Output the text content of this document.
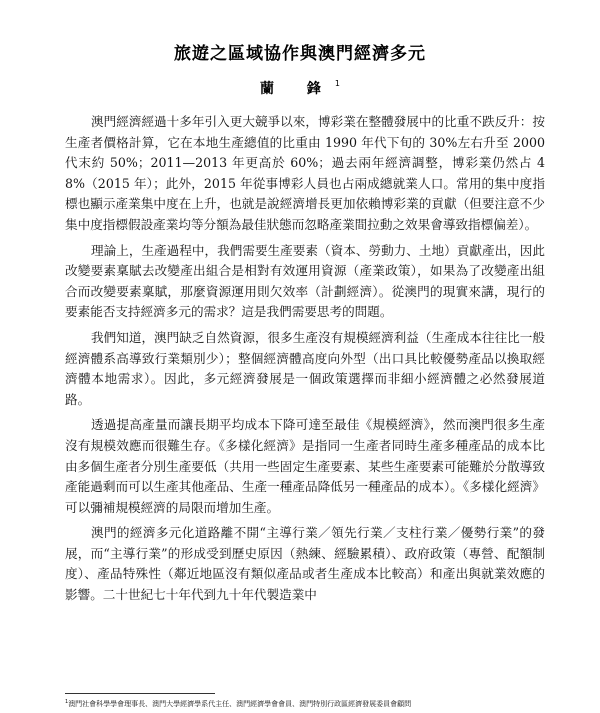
旅遊之區域協作與澳門經濟多元
蘭 鋒$^1$

澳門經濟經過十多年引入更大競爭以來，博彩業在整體發展中的比重不跌反升：按生產者價格計算，它在本地生產總值的比重由 1990 年代下旬的 30%左右升至 2000 代末約 50%；2011—2013 年更高於 60%；過去兩年經濟調整，博彩業仍然占 48%（2015 年）；此外，2015 年從事博彩人員也占兩成總就業人口。常用的集中度指標也顯示產業集中度在上升，也就是說經濟增長更加依賴博彩業的貢獻（但要注意不少集中度指標假設產業均等分額為最佳狀態而忽略產業間拉動之效果會導致指標偏差）。

理論上，生產過程中，我們需要生產要素（資本、勞動力、土地）貢獻產出，因此改變要素稟賦去改變產出組合是相對有效運用資源（產業政策），如果為了改變產出組合而改變要素稟賦，那麼資源運用則欠效率（計劃經濟）。從澳門的現實來講，現行的要素能否支持經濟多元的需求？這是我們需要思考的問題。

我們知道，澳門缺乏自然資源，很多生產沒有規模經濟利益（生產成本往往比一般經濟體系高導致行業類別少）；整個經濟體高度向外型（出口具比較優勢產品以換取經濟體本地需求）。因此，多元經濟發展是一個政策選擇而非細小經濟體之必然發展道路。

透過提高產量而讓長期平均成本下降可達至最佳《規模經濟》，然而澳門很多生產沒有規模效應而很難生存。《多樣化經濟》是指同一生產者同時生產多種產品的成本比由多個生產者分別生產要低（共用一些固定生產要素、某些生產要素可能難於分散導致產能過剩而可以生產其他產品、生產一種產品降低另一種產品的成本）。《多樣化經濟》可以彌補規模經濟的局限而增加生產。

澳門的經濟多元化道路離不開“主導行業／領先行業／支柱行業／優勢行業”的發展，而“主導行業”的形成受到歷史原因（熱練、經驗累積）、政府政策（專營、配額制度）、產品特殊性（鄰近地區沒有類似產品或者生產成本比較高）和產出與就業效應的影響。二十世紀七十年代到九十年代製造業中

$^1$澳門社會科學學會理事長、澳門大學經濟學系代主任、澳門經濟學會會員、澳門特別行政區經濟發展委員會顧問
